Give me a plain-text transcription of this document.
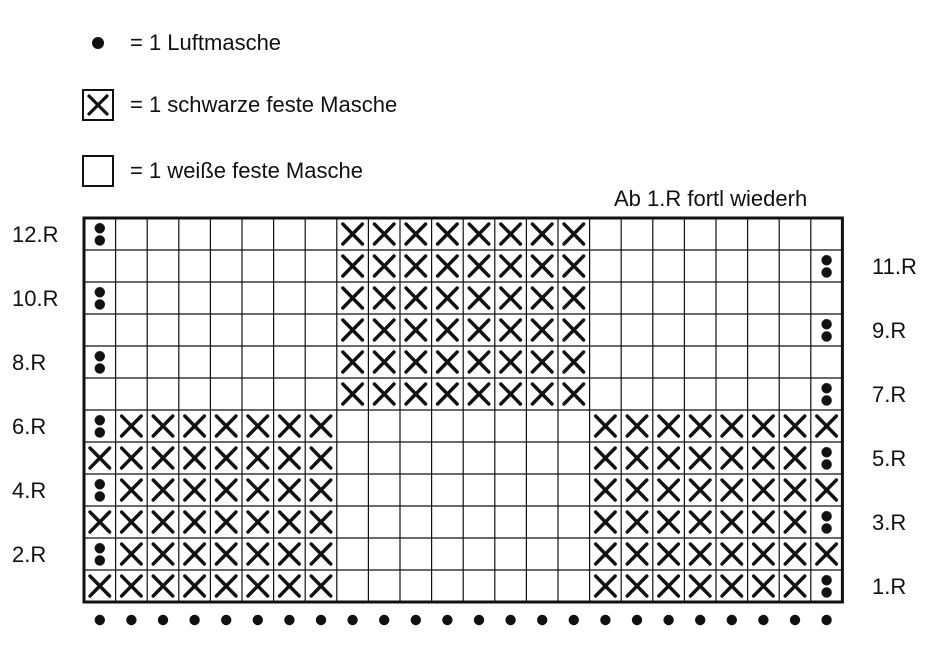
= 1 Luftmasche
= 1 schwarze feste Masche
= 1 weiße feste Masche
Ab 1.R fortl wiederh
12.R
10.R
8.R
6.R
4.R
2.R
11.R
9.R
7.R
5.R
3.R
1.R
